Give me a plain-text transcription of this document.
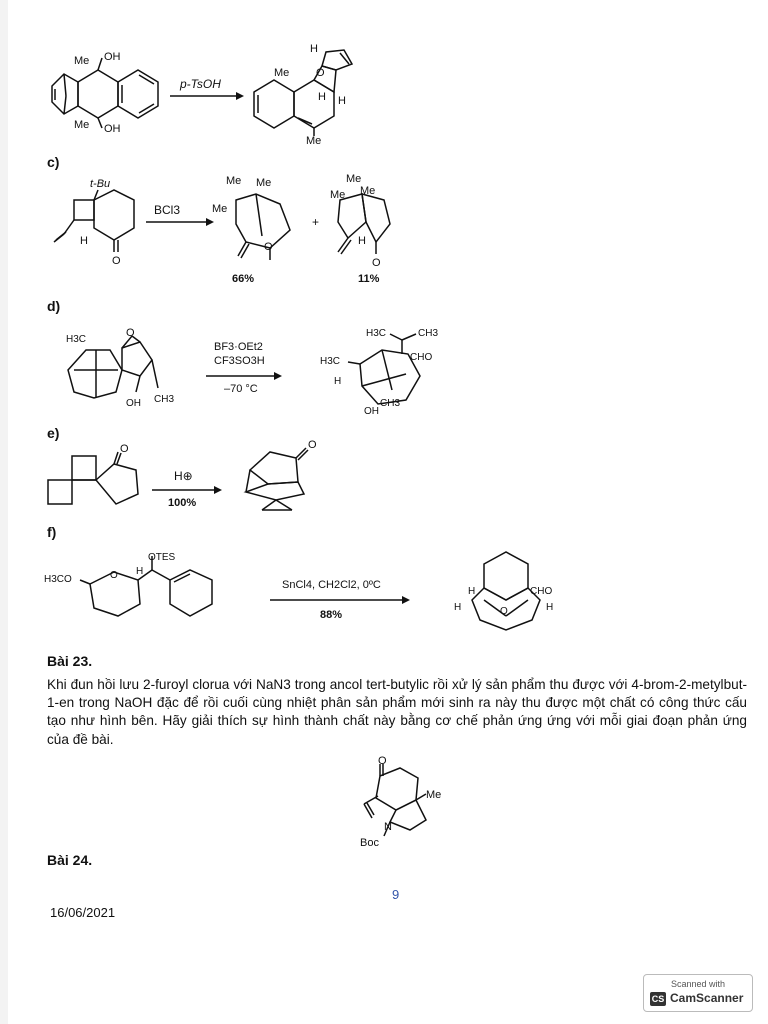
Me OH
Me OH
p-TsOH
H
O
Me
H H
Me
c)
t-Bu
H
O
BCl3
Me Me
Me
O
66%
+
Me
Me Me
H
O
11%
d)
H3C
O
OH CH3
BF3·OEt2
CF3SO3H
–70 °C
H3C	CH3
CHO
H3C
H
OH
CH3
e)
O
H⊕
100%
O
f)
OTES
H3CO	O H
SnCl4, CH2Cl2, 0ºC
88%
H	CHO
H	O	H
Bài 23.
Khi đun hồi lưu 2-furoyl clorua với NaN3 trong ancol tert-butylic rồi xử lý sản phẩm thu được với 4-brom-2-metylbut-1-en trong NaOH đặc để rồi cuối cùng nhiệt phân sản phẩm mới sinh ra này thu được một chất có công thức cấu tạo như hình bên. Hãy giải thích sự hình thành chất này bằng cơ chế phản ứng ứng với mỗi giai đoạn phản ứng của đề bài.
O
Me
N
Boc
Bài 24.
9
16/06/2021
Scanned with
CS CamScanner
